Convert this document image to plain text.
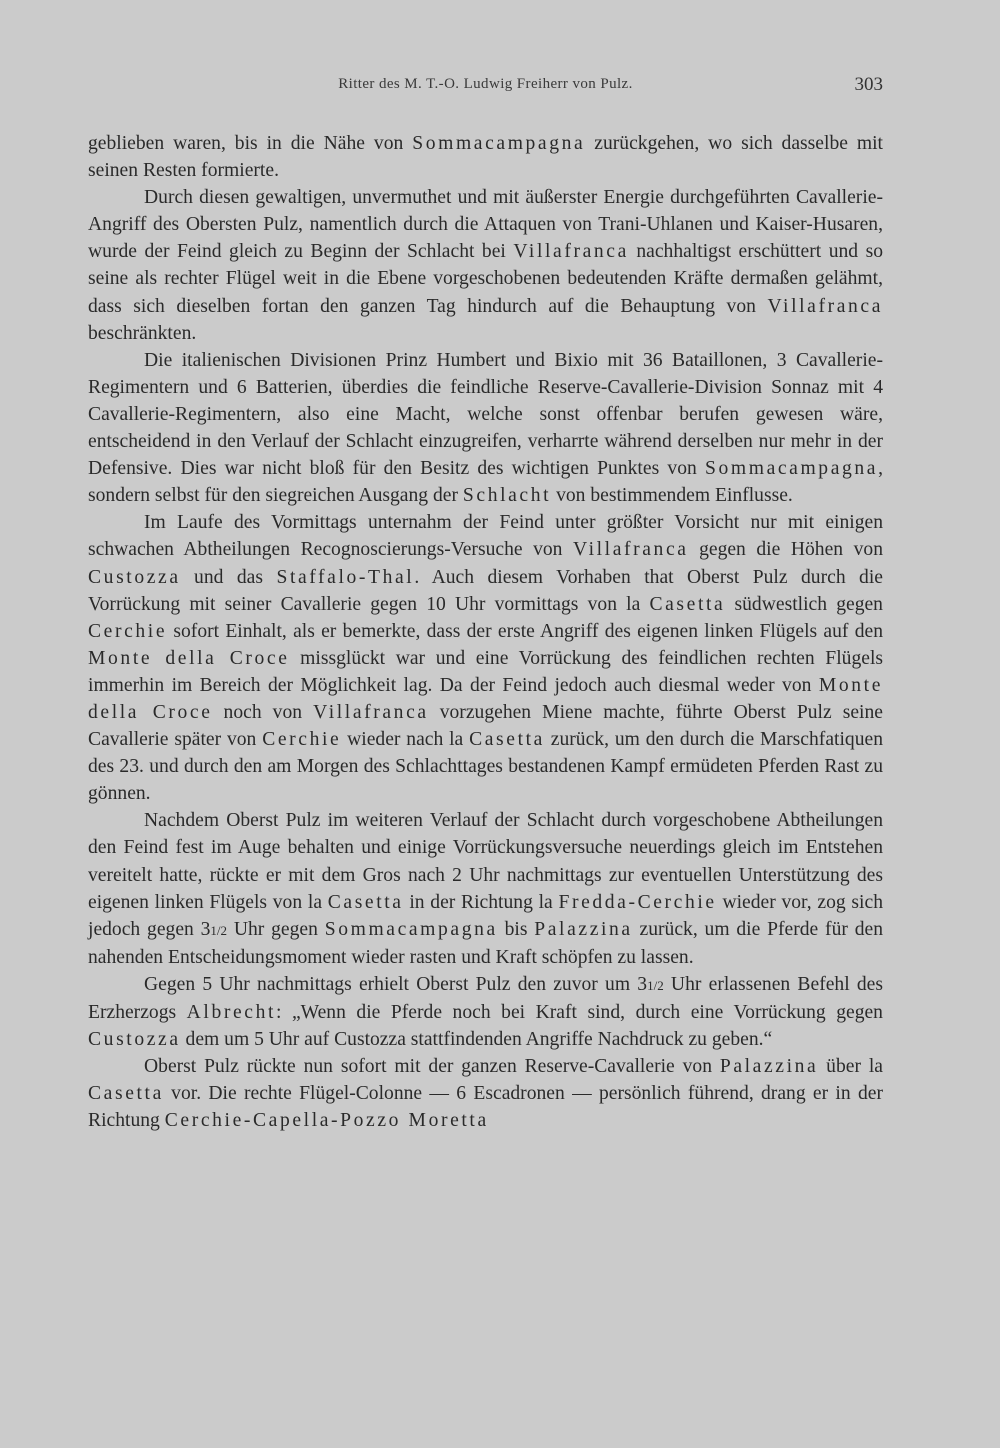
Ritter des M. T.-O. Ludwig Freiherr von Pulz.	303

geblieben waren, bis in die Nähe von Sommacampagna zurückgehen, wo sich dasselbe mit seinen Resten formierte.

Durch diesen gewaltigen, unvermuthet und mit äußerster Energie durchgeführten Cavallerie-Angriff des Obersten Pulz, namentlich durch die Attaquen von Trani-Uhlanen und Kaiser-Husaren, wurde der Feind gleich zu Beginn der Schlacht bei Villafranca nachhaltigst erschüttert und so seine als rechter Flügel weit in die Ebene vorgeschobenen bedeutenden Kräfte dermaßen gelähmt, dass sich dieselben fortan den ganzen Tag hindurch auf die Behauptung von Villafranca beschränkten.

Die italienischen Divisionen Prinz Humbert und Bixio mit 36 Bataillonen, 3 Cavallerie-Regimentern und 6 Batterien, überdies die feindliche Reserve-Cavallerie-Division Sonnaz mit 4 Cavallerie-Regimentern, also eine Macht, welche sonst offenbar berufen gewesen wäre, entscheidend in den Verlauf der Schlacht einzugreifen, verharrte während derselben nur mehr in der Defensive. Dies war nicht bloß für den Besitz des wichtigen Punktes von Sommacampagna, sondern selbst für den siegreichen Ausgang der Schlacht von bestimmendem Einflusse.

Im Laufe des Vormittags unternahm der Feind unter größter Vorsicht nur mit einigen schwachen Abtheilungen Recognoscierungs-Versuche von Villafranca gegen die Höhen von Custozza und das Staffalo-Thal. Auch diesem Vorhaben that Oberst Pulz durch die Vorrückung mit seiner Cavallerie gegen 10 Uhr vormittags von la Casetta südwestlich gegen Cerchie sofort Einhalt, als er bemerkte, dass der erste Angriff des eigenen linken Flügels auf den Monte della Croce missglückt war und eine Vorrückung des feindlichen rechten Flügels immerhin im Bereich der Möglichkeit lag. Da der Feind jedoch auch diesmal weder von Monte della Croce noch von Villafranca vorzugehen Miene machte, führte Oberst Pulz seine Cavallerie später von Cerchie wieder nach la Casetta zurück, um den durch die Marschfatiquen des 23. und durch den am Morgen des Schlachttages bestandenen Kampf ermüdeten Pferden Rast zu gönnen.

Nachdem Oberst Pulz im weiteren Verlauf der Schlacht durch vorgeschobene Abtheilungen den Feind fest im Auge behalten und einige Vorrückungsversuche neuerdings gleich im Entstehen vereitelt hatte, rückte er mit dem Gros nach 2 Uhr nachmittags zur eventuellen Unterstützung des eigenen linken Flügels von la Casetta in der Richtung la Fredda-Cerchie wieder vor, zog sich jedoch gegen 31/2 Uhr gegen Sommacampagna bis Palazzina zurück, um die Pferde für den nahenden Entscheidungsmoment wieder rasten und Kraft schöpfen zu lassen.

Gegen 5 Uhr nachmittags erhielt Oberst Pulz den zuvor um 31/2 Uhr erlassenen Befehl des Erzherzogs Albrecht: „Wenn die Pferde noch bei Kraft sind, durch eine Vorrückung gegen Custozza dem um 5 Uhr auf Custozza stattfindenden Angriffe Nachdruck zu geben.“

Oberst Pulz rückte nun sofort mit der ganzen Reserve-Cavallerie von Palazzina über la Casetta vor. Die rechte Flügel-Colonne — 6 Escadronen — persönlich führend, drang er in der Richtung Cerchie-Capella-Pozzo Moretta
